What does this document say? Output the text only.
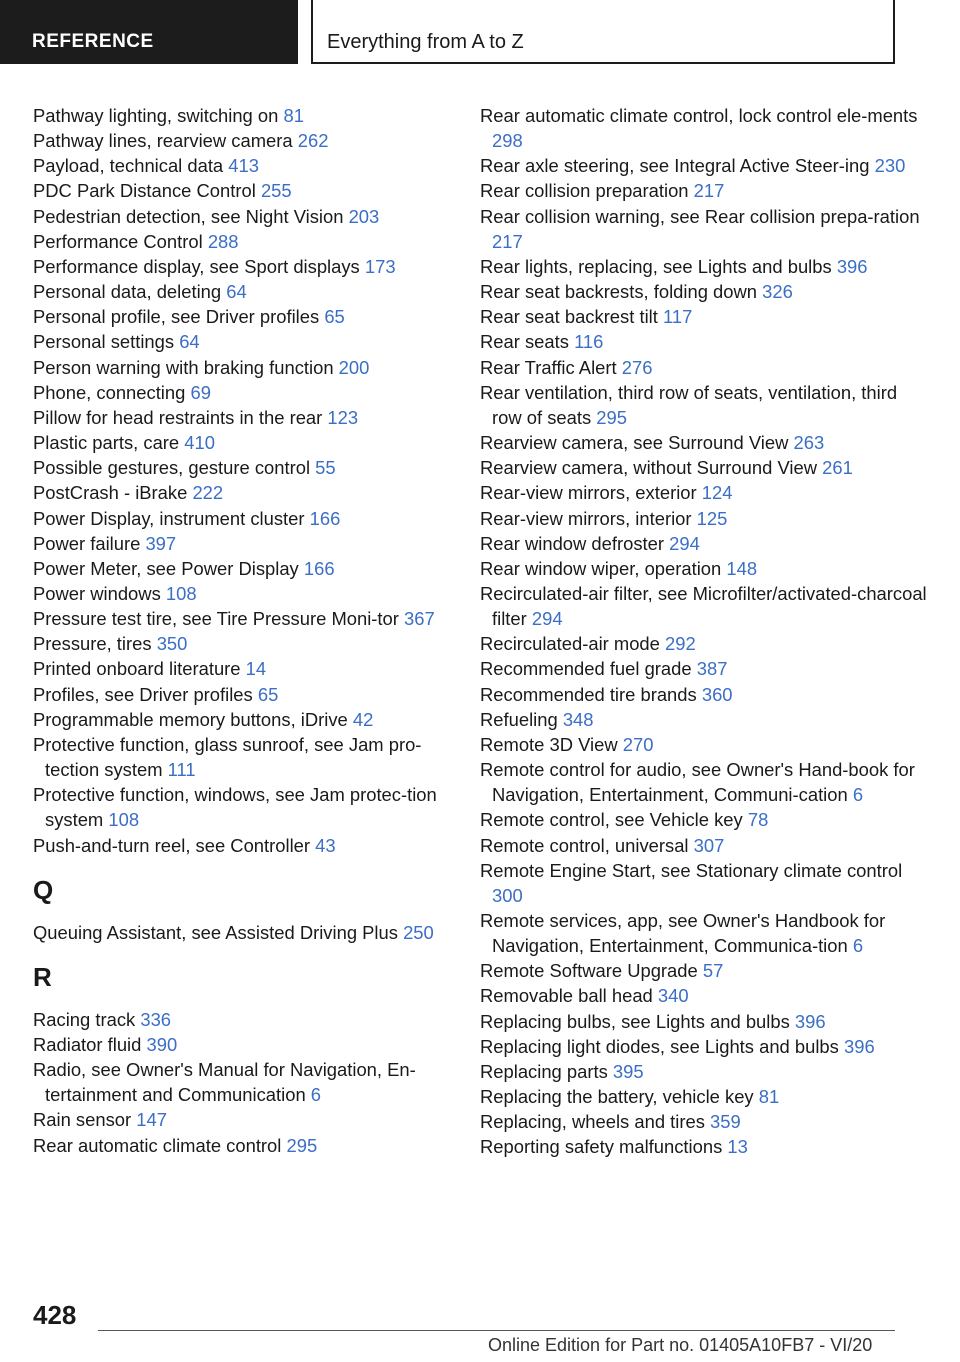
REFERENCE	Everything from A to Z
Pathway lighting, switching on 81
Pathway lines, rearview camera 262
Payload, technical data 413
PDC Park Distance Control 255
Pedestrian detection, see Night Vision 203
Performance Control 288
Performance display, see Sport displays 173
Personal data, deleting 64
Personal profile, see Driver profiles 65
Personal settings 64
Person warning with braking function 200
Phone, connecting 69
Pillow for head restraints in the rear 123
Plastic parts, care 410
Possible gestures, gesture control 55
PostCrash - iBrake 222
Power Display, instrument cluster 166
Power failure 397
Power Meter, see Power Display 166
Power windows 108
Pressure test tire, see Tire Pressure Moni-tor 367
Pressure, tires 350
Printed onboard literature 14
Profiles, see Driver profiles 65
Programmable memory buttons, iDrive 42
Protective function, glass sunroof, see Jam pro-tection system 111
Protective function, windows, see Jam protec-tion system 108
Push-and-turn reel, see Controller 43
Q
Queuing Assistant, see Assisted Driving Plus 250
R
Racing track 336
Radiator fluid 390
Radio, see Owner's Manual for Navigation, En-tertainment and Communication 6
Rain sensor 147
Rear automatic climate control 295
Rear automatic climate control, lock control ele-ments 298
Rear axle steering, see Integral Active Steer-ing 230
Rear collision preparation 217
Rear collision warning, see Rear collision prepa-ration 217
Rear lights, replacing, see Lights and bulbs 396
Rear seat backrests, folding down 326
Rear seat backrest tilt 117
Rear seats 116
Rear Traffic Alert 276
Rear ventilation, third row of seats, ventilation, third row of seats 295
Rearview camera, see Surround View 263
Rearview camera, without Surround View 261
Rear-view mirrors, exterior 124
Rear-view mirrors, interior 125
Rear window defroster 294
Rear window wiper, operation 148
Recirculated-air filter, see Microfilter/activated-charcoal filter 294
Recirculated-air mode 292
Recommended fuel grade 387
Recommended tire brands 360
Refueling 348
Remote 3D View 270
Remote control for audio, see Owner's Hand-book for Navigation, Entertainment, Communi-cation 6
Remote control, see Vehicle key 78
Remote control, universal 307
Remote Engine Start, see Stationary climate control 300
Remote services, app, see Owner's Handbook for Navigation, Entertainment, Communica-tion 6
Remote Software Upgrade 57
Removable ball head 340
Replacing bulbs, see Lights and bulbs 396
Replacing light diodes, see Lights and bulbs 396
Replacing parts 395
Replacing the battery, vehicle key 81
Replacing, wheels and tires 359
Reporting safety malfunctions 13
428
Online Edition for Part no. 01405A10FB7 - VI/20
